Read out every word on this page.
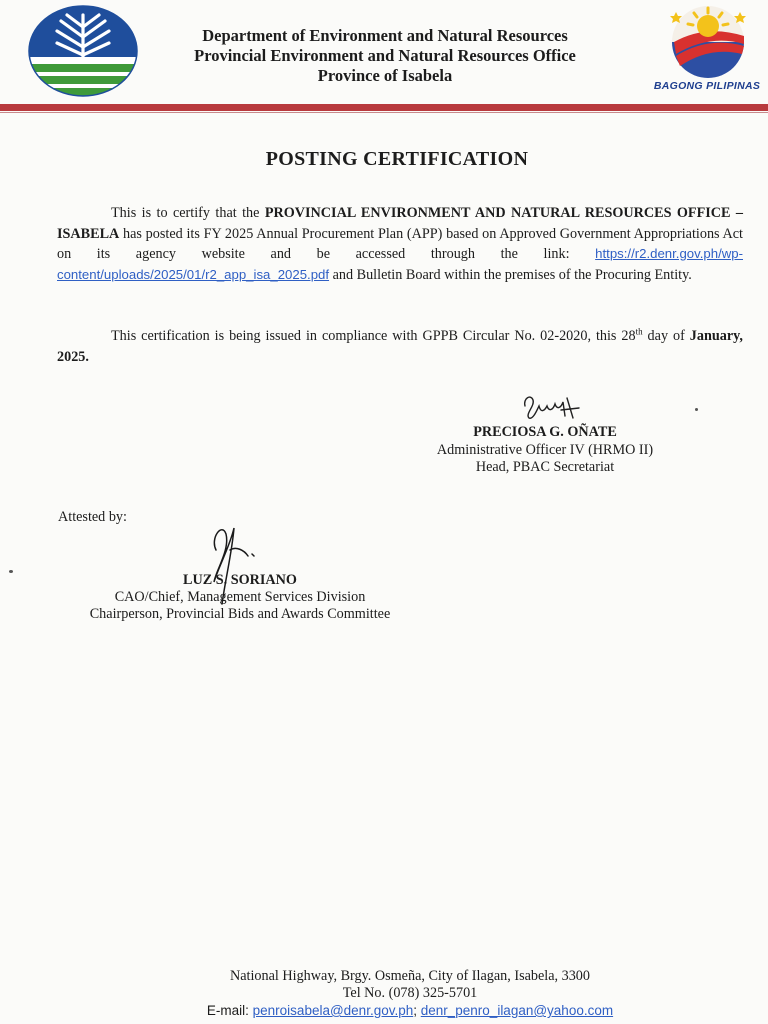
Department of Environment and Natural Resources
Provincial Environment and Natural Resources Office
Province of Isabela
BAGONG PILIPINAS
POSTING CERTIFICATION
This is to certify that the PROVINCIAL ENVIRONMENT AND NATURAL RESOURCES OFFICE – ISABELA has posted its FY 2025 Annual Procurement Plan (APP) based on Approved Government Appropriations Act on its agency website and be accessed through the link: https://r2.denr.gov.ph/wp-content/uploads/2025/01/r2_app_isa_2025.pdf and Bulletin Board within the premises of the Procuring Entity.
This certification is being issued in compliance with GPPB Circular No. 02-2020, this 28th day of January, 2025.
PRECIOSA G. OÑATE
Administrative Officer IV (HRMO II)
Head, PBAC Secretariat
Attested by:
LUZ S. SORIANO
CAO/Chief, Management Services Division
Chairperson, Provincial Bids and Awards Committee
National Highway, Brgy. Osmeña, City of Ilagan, Isabela, 3300
Tel No. (078) 325-5701
E-mail: penroisabela@denr.gov.ph; denr_penro_ilagan@yahoo.com
